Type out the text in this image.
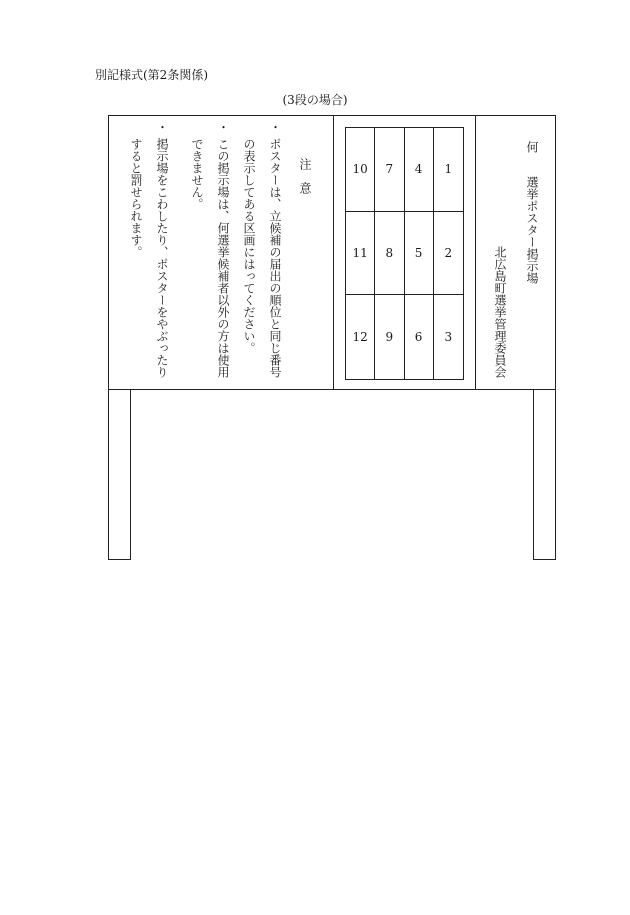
別記様式(第2条関係)
(3段の場合)
何
選挙ポスター掲示場
北広島町選挙管理委員会
10	7	4	1
11	8	5	2
12	9	6	3
注　意
・
ポスターは、立候補の届出の順位と同じ番号
の表示してある区画にはってください。
・
この掲示場は、何選挙候補者以外の方は使用
できません。
・
掲示場をこわしたり、ポスターをやぶったり
すると罰せられます。
